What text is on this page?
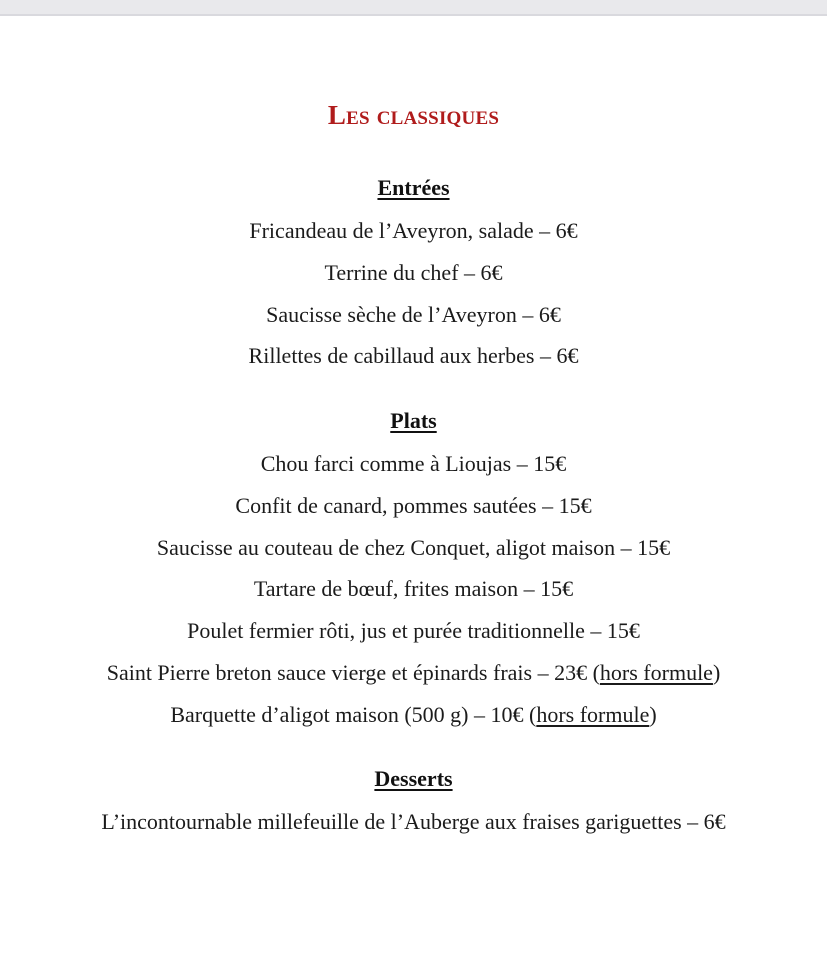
Les classiques
Entrées
Fricandeau de l’Aveyron, salade – 6€
Terrine du chef – 6€
Saucisse sèche de l’Aveyron – 6€
Rillettes de cabillaud aux herbes – 6€
Plats
Chou farci comme à Lioujas – 15€
Confit de canard, pommes sautées – 15€
Saucisse au couteau de chez Conquet, aligot maison – 15€
Tartare de bœuf, frites maison – 15€
Poulet fermier rôti, jus et purée traditionnelle – 15€
Saint Pierre breton sauce vierge et épinards frais – 23€ (hors formule)
Barquette d’aligot maison (500 g) – 10€ (hors formule)
Desserts
L’incontournable millefeuille de l’Auberge aux fraises gariguettes – 6€
